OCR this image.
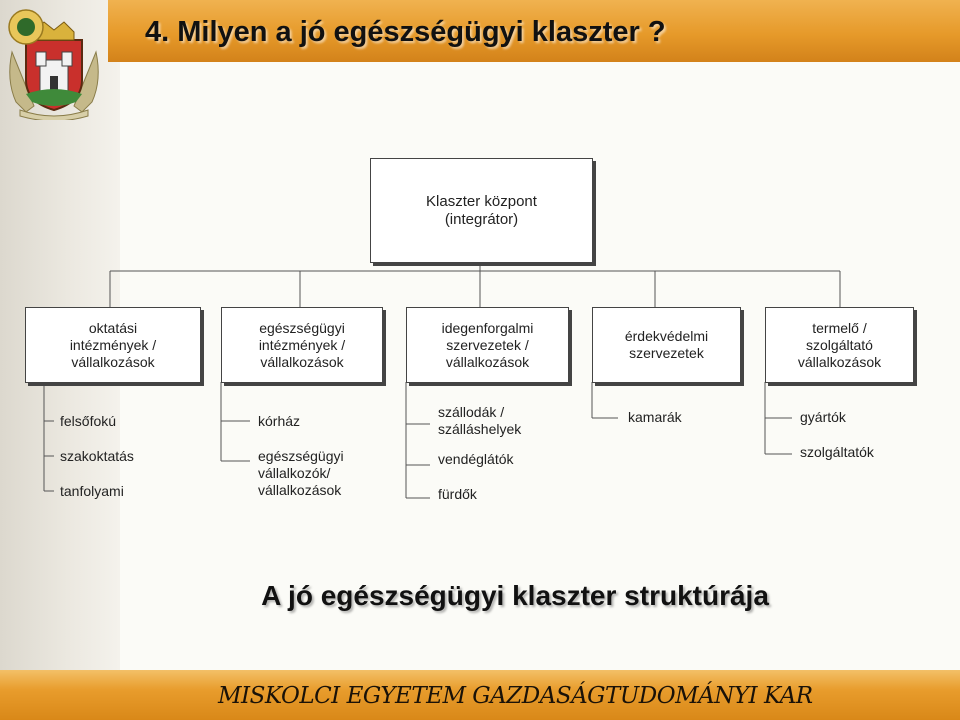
4. Milyen a jó egészségügyi klaszter ?
Klaszter központ
(integrátor)
oktatási
intézmények /
vállalkozások
egészségügyi
intézmények /
vállalkozások
idegenforgalmi
szervezetek /
vállalkozások
érdekvédelmi
szervezetek
termelő /
szolgáltató
vállalkozások
felsőfokú
szakoktatás
tanfolyami
kórház
egészségügyi
vállalkozók/
vállalkozások
szállodák /
szálláshelyek
vendéglátók
fürdők
kamarák	gyártók
szolgáltatók
A jó egészségügyi klaszter struktúrája
MISKOLCI EGYETEM GAZDASÁGTUDOMÁNYI KAR
